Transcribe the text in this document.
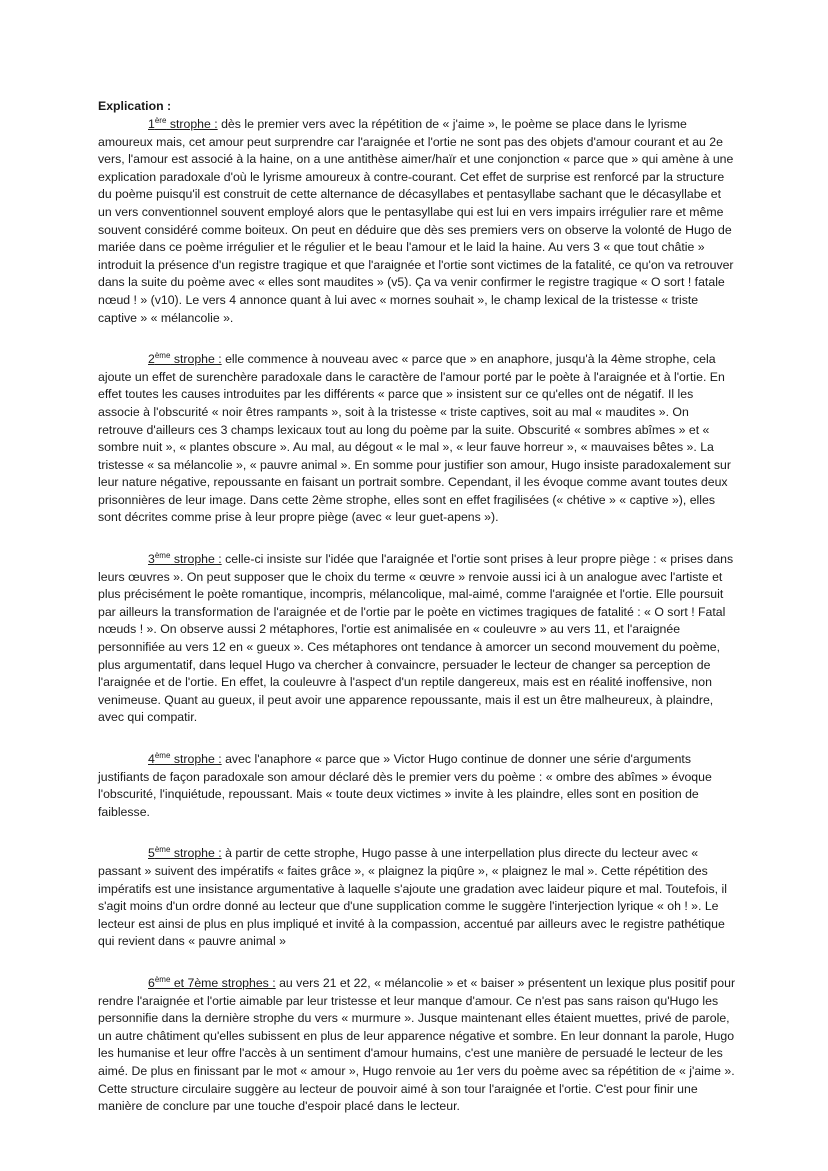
Explication :

1ère strophe : dès le premier vers avec la répétition de « j'aime », le poème se place dans le lyrisme amoureux mais, cet amour peut surprendre car l'araignée et l'ortie ne sont pas des objets d'amour courant et au 2e vers, l'amour est associé à la haine, on a une antithèse aimer/haïr et une conjonction « parce que » qui amène à une explication paradoxale d'où le lyrisme amoureux à contre-courant. Cet effet de surprise est renforcé par la structure du poème puisqu'il est construit de cette alternance de décasyllabes et pentasyllabe sachant que le décasyllabe et un vers conventionnel souvent employé alors que le pentasyllabe qui est lui en vers impairs irrégulier rare et même souvent considéré comme boiteux. On peut en déduire que dès ses premiers vers on observe la volonté de Hugo de mariée dans ce poème irrégulier et le régulier et le beau l'amour et le laid la haine. Au vers 3 « que tout châtie » introduit la présence d'un registre tragique et que l'araignée et l'ortie sont victimes de la fatalité, ce qu'on va retrouver dans la suite du poème avec « elles sont maudites » (v5). Ça va venir confirmer le registre tragique « O sort ! fatale nœud ! » (v10). Le vers 4 annonce quant à lui avec « mornes souhait », le champ lexical de la tristesse « triste captive » « mélancolie ».

2ème strophe : elle commence à nouveau avec « parce que » en anaphore, jusqu'à la 4ème strophe, cela ajoute un effet de surenchère paradoxale dans le caractère de l'amour porté par le poète à l'araignée et à l'ortie. En effet toutes les causes introduites par les différents « parce que » insistent sur ce qu'elles ont de négatif. Il les associe à l'obscurité « noir êtres rampants », soit à la tristesse « triste captives, soit au mal « maudites ». On retrouve d'ailleurs ces 3 champs lexicaux tout au long du poème par la suite. Obscurité « sombres abîmes » et « sombre nuit », « plantes obscure ». Au mal, au dégout « le mal », « leur fauve horreur », « mauvaises bêtes ». La tristesse « sa mélancolie », « pauvre animal ». En somme pour justifier son amour, Hugo insiste paradoxalement sur leur nature négative, repoussante en faisant un portrait sombre. Cependant, il les évoque comme avant toutes deux prisonnières de leur image. Dans cette 2ème strophe, elles sont en effet fragilisées (« chétive » « captive »), elles sont décrites comme prise à leur propre piège (avec « leur guet-apens »).

3ème strophe : celle-ci insiste sur l'idée que l'araignée et l'ortie sont prises à leur propre piège : « prises dans leurs œuvres ». On peut supposer que le choix du terme « œuvre » renvoie aussi ici à un analogue avec l'artiste et plus précisément le poète romantique, incompris, mélancolique, mal-aimé, comme l'araignée et l'ortie. Elle poursuit par ailleurs la transformation de l'araignée et de l'ortie par le poète en victimes tragiques de fatalité : « O sort ! Fatal nœuds ! ». On observe aussi 2 métaphores, l'ortie est animalisée en « couleuvre » au vers 11, et l'araignée personnifiée au vers 12 en « gueux ». Ces métaphores ont tendance à amorcer un second mouvement du poème, plus argumentatif, dans lequel Hugo va chercher à convaincre, persuader le lecteur de changer sa perception de l'araignée et de l'ortie. En effet, la couleuvre à l'aspect d'un reptile dangereux, mais est en réalité inoffensive, non venimeuse. Quant au gueux, il peut avoir une apparence repoussante, mais il est un être malheureux, à plaindre, avec qui compatir.

4ème strophe : avec l'anaphore « parce que » Victor Hugo continue de donner une série d'arguments justifiants de façon paradoxale son amour déclaré dès le premier vers du poème : « ombre des abîmes » évoque l'obscurité, l'inquiétude, repoussant. Mais « toute deux victimes » invite à les plaindre, elles sont en position de faiblesse.

5ème strophe : à partir de cette strophe, Hugo passe à une interpellation plus directe du lecteur avec « passant » suivent des impératifs « faites grâce », « plaignez la piqûre », « plaignez le mal ». Cette répétition des impératifs est une insistance argumentative à laquelle s'ajoute une gradation avec laideur piqure et mal. Toutefois, il s'agit moins d'un ordre donné au lecteur que d'une supplication comme le suggère l'interjection lyrique « oh ! ». Le lecteur est ainsi de plus en plus impliqué et invité à la compassion, accentué par ailleurs avec le registre pathétique qui revient dans « pauvre animal »

6ème et 7ème strophes : au vers 21 et 22, « mélancolie » et « baiser » présentent un lexique plus positif pour rendre l'araignée et l'ortie aimable par leur tristesse et leur manque d'amour. Ce n'est pas sans raison qu'Hugo les personnifie dans la dernière strophe du vers « murmure ». Jusque maintenant elles étaient muettes, privé de parole, un autre châtiment qu'elles subissent en plus de leur apparence négative et sombre. En leur donnant la parole, Hugo les humanise et leur offre l'accès à un sentiment d'amour humains, c'est une manière de persuadé le lecteur de les aimé. De plus en finissant par le mot « amour », Hugo renvoie au 1er vers du poème avec sa répétition de « j'aime ». Cette structure circulaire suggère au lecteur de pouvoir aimé à son tour l'araignée et l'ortie. C'est pour finir une manière de conclure par une touche d'espoir placé dans le lecteur.
